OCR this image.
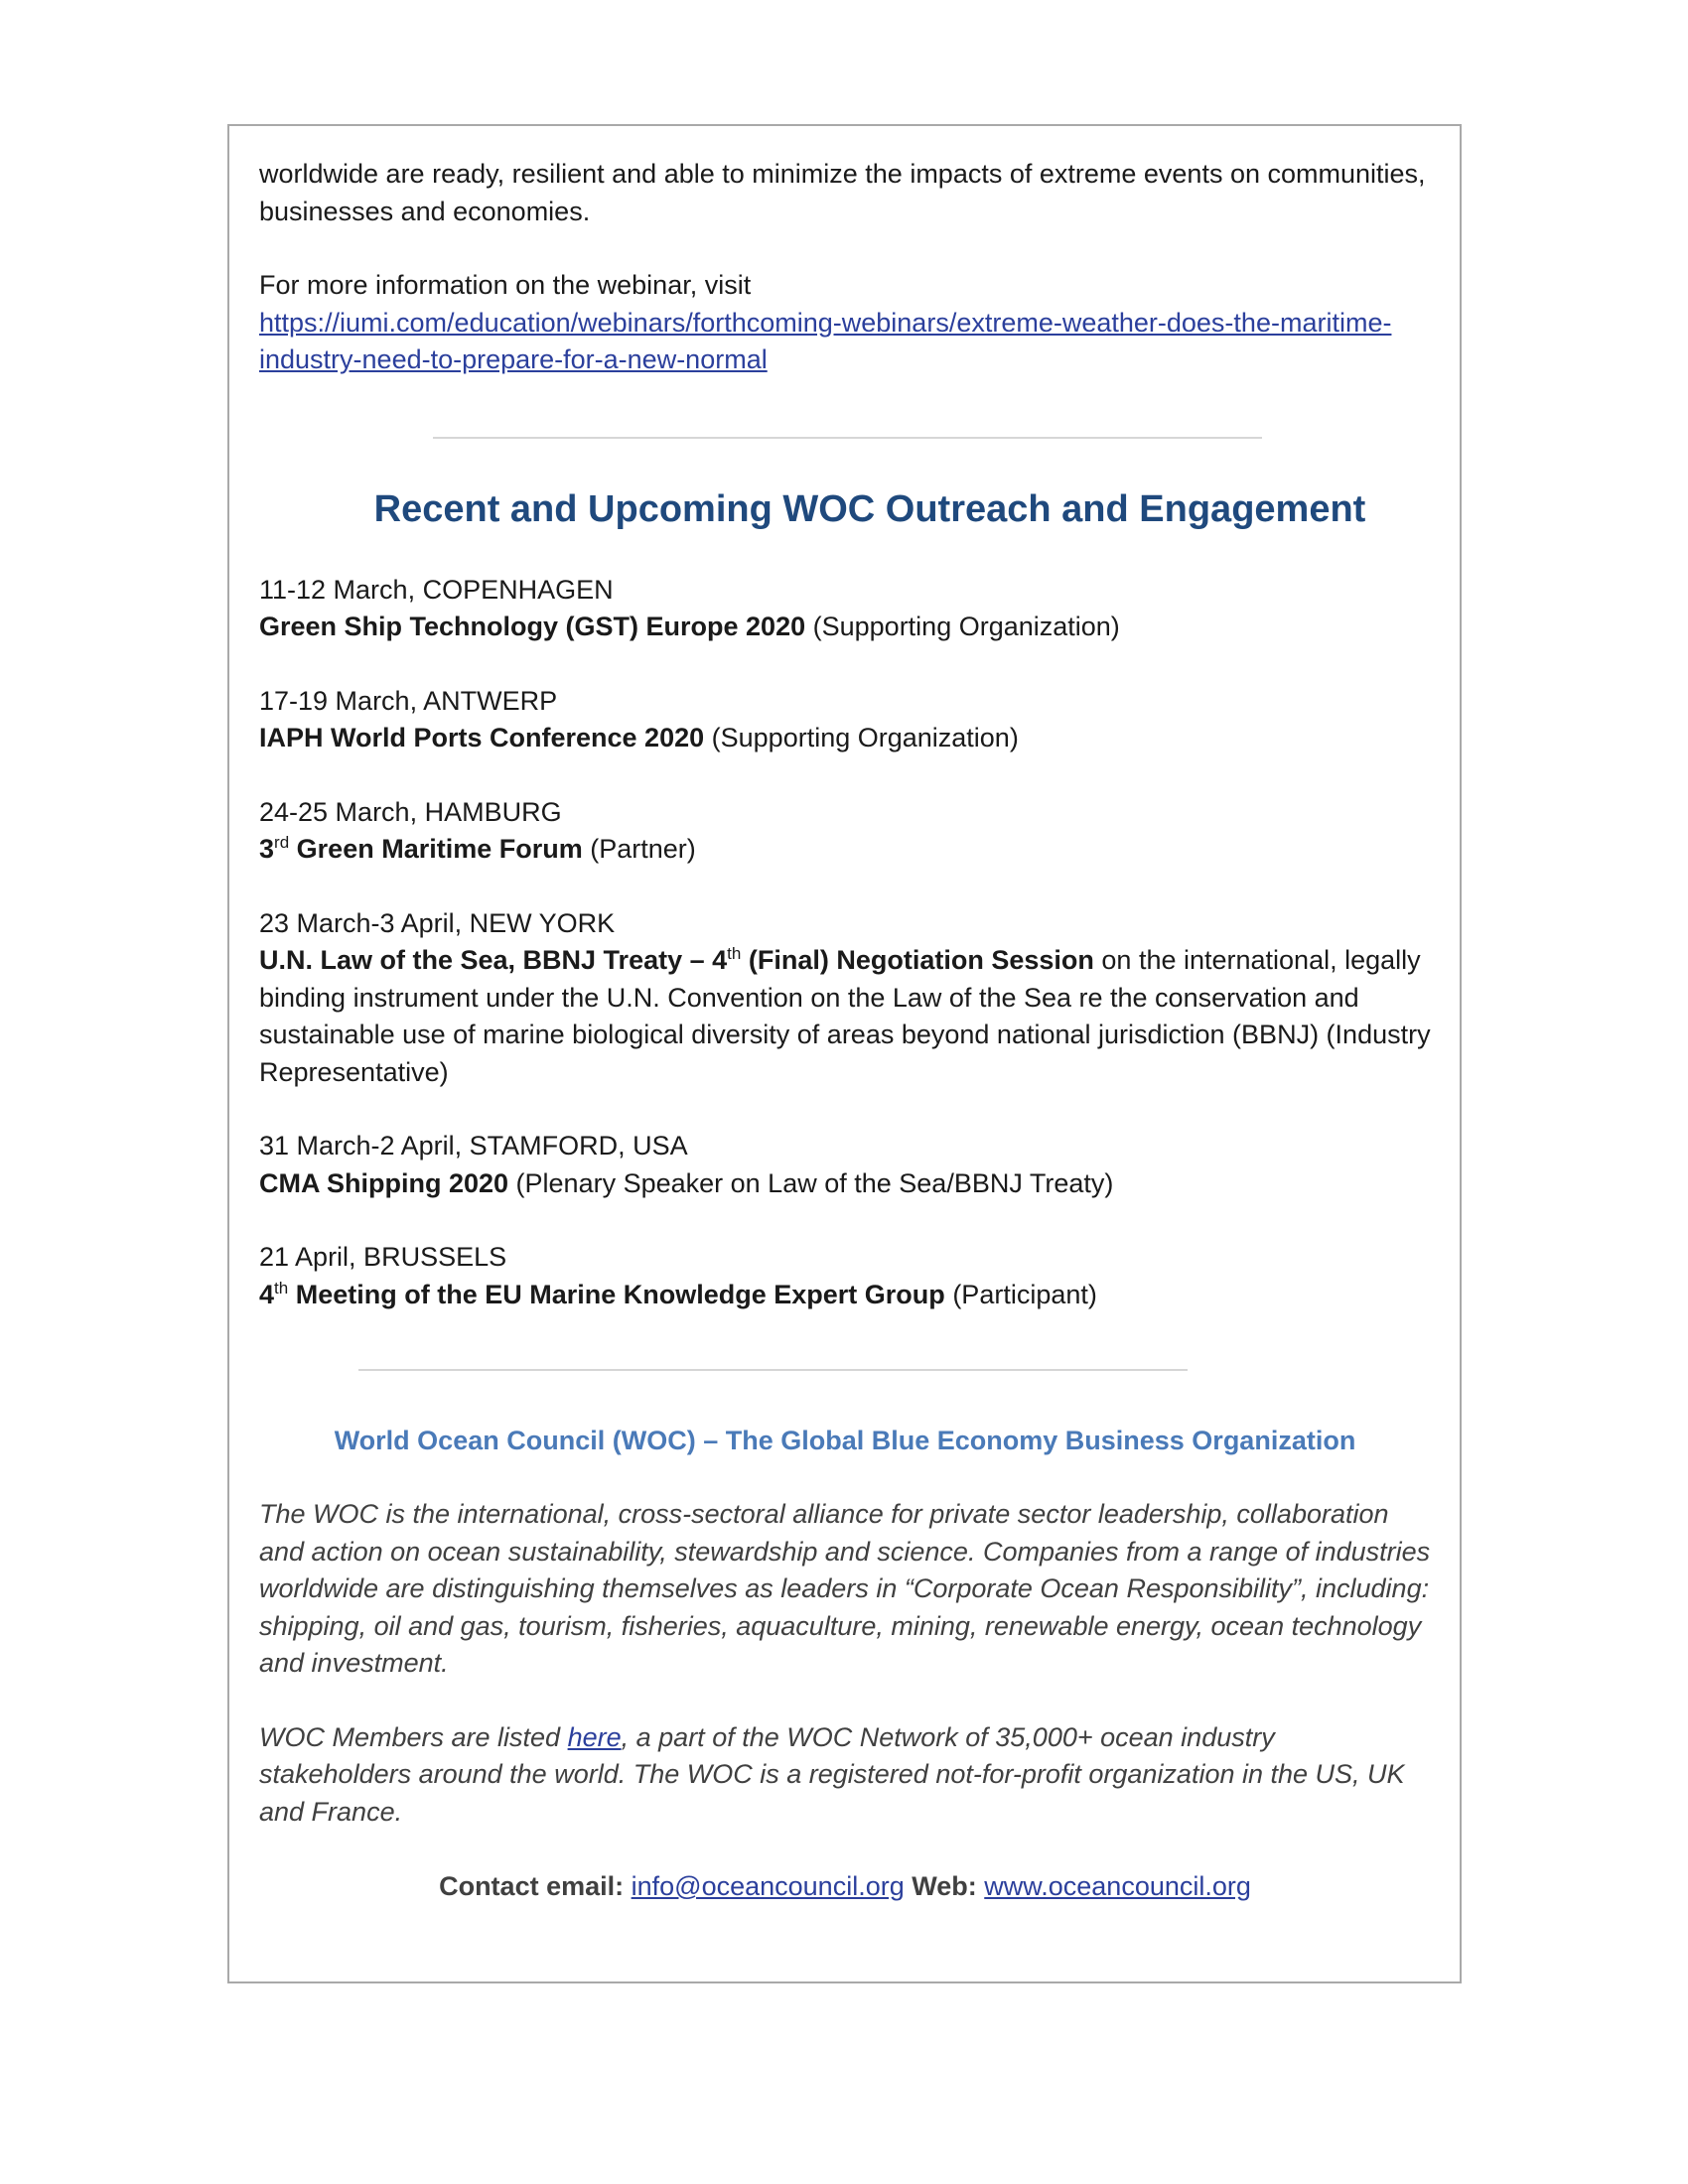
worldwide are ready, resilient and able to minimize the impacts of extreme events on communities, businesses and economies.

For more information on the webinar, visit
https://iumi.com/education/webinars/forthcoming-webinars/extreme-weather-does-the-maritime-industry-need-to-prepare-for-a-new-normal

Recent and Upcoming WOC Outreach and Engagement

11-12 March, COPENHAGEN

Green Ship Technology (GST) Europe 2020 (Supporting Organization)

17-19 March, ANTWERP

IAPH World Ports Conference 2020 (Supporting Organization)

24-25 March, HAMBURG

3rd Green Maritime Forum (Partner)

23 March-3 April, NEW YORK

U.N. Law of the Sea, BBNJ Treaty – 4th (Final) Negotiation Session on the international, legally binding instrument under the U.N. Convention on the Law of the Sea re the conservation and sustainable use of marine biological diversity of areas beyond national jurisdiction (BBNJ) (Industry Representative)

31 March-2 April, STAMFORD, USA

CMA Shipping 2020 (Plenary Speaker on Law of the Sea/BBNJ Treaty)

21 April, BRUSSELS

4th Meeting of the EU Marine Knowledge Expert Group (Participant)

World Ocean Council (WOC) – The Global Blue Economy Business Organization

The WOC is the international, cross-sectoral alliance for private sector leadership, collaboration and action on ocean sustainability, stewardship and science. Companies from a range of industries worldwide are distinguishing themselves as leaders in “Corporate Ocean Responsibility”, including: shipping, oil and gas, tourism, fisheries, aquaculture, mining, renewable energy, ocean technology and investment.

WOC Members are listed here, a part of the WOC Network of 35,000+ ocean industry stakeholders around the world. The WOC is a registered not-for-profit organization in the US, UK and France.

Contact email: info@oceancouncil.org Web: www.oceancouncil.org
